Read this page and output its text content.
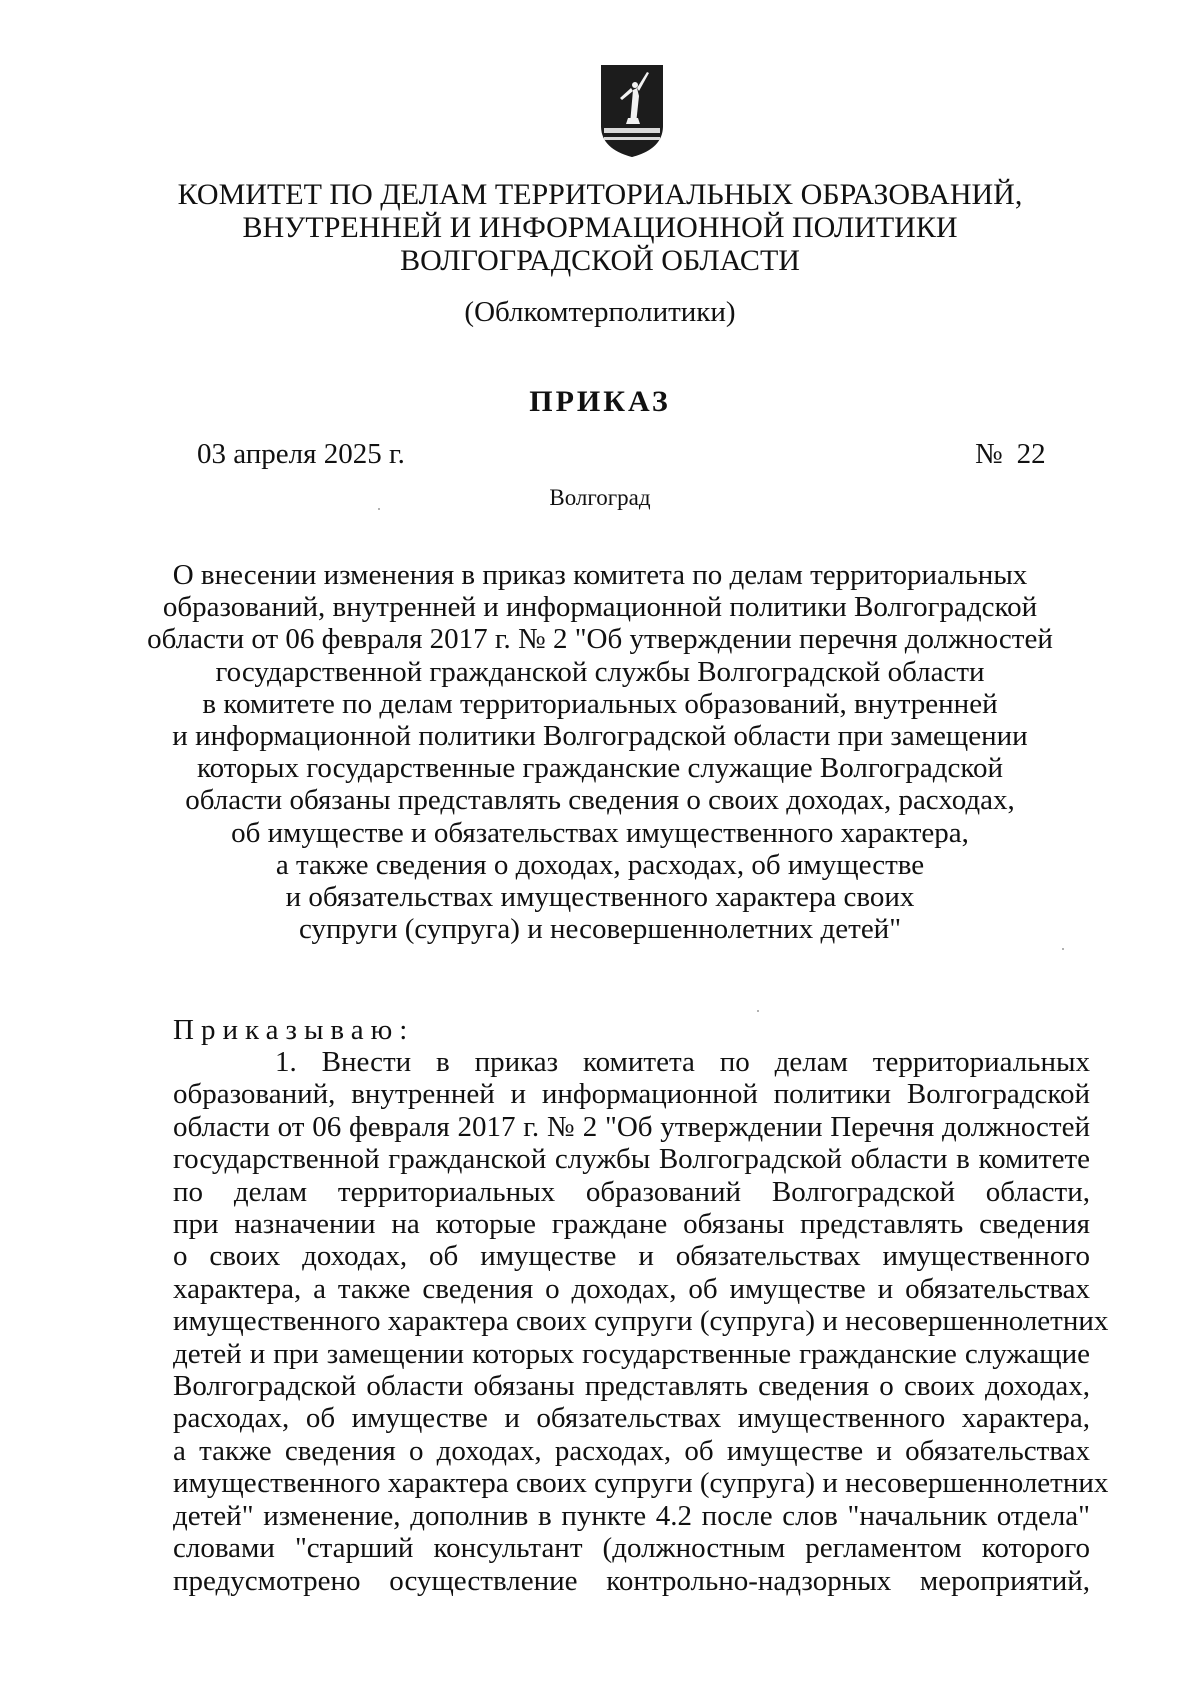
КОМИТЕТ ПО ДЕЛАМ ТЕРРИТОРИАЛЬНЫХ ОБРАЗОВАНИЙ,
ВНУТРЕННЕЙ И ИНФОРМАЦИОННОЙ ПОЛИТИКИ
ВОЛГОГРАДСКОЙ ОБЛАСТИ
(Облкомтерполитики)
ПРИКАЗ
03 апреля 2025 г.	№ 22
Волгоград
О внесении изменения в приказ комитета по делам территориальных
образований, внутренней и информационной политики Волгоградской
области от 06 февраля 2017 г. № 2 "Об утверждении перечня должностей
государственной гражданской службы Волгоградской области
в комитете по делам территориальных образований, внутренней
и информационной политики Волгоградской области при замещении
которых государственные гражданские служащие Волгоградской
области обязаны представлять сведения о своих доходах, расходах,
об имуществе и обязательствах имущественного характера,
а также сведения о доходах, расходах, об имуществе
и обязательствах имущественного характера своих
супруги (супруга) и несовершеннолетних детей"
Приказываю:
1. Внести в приказ комитета по делам территориальных
образований, внутренней и информационной политики Волгоградской
области от 06 февраля 2017 г. № 2 "Об утверждении Перечня должностей
государственной гражданской службы Волгоградской области в комитете
по делам территориальных образований Волгоградской области,
при назначении на которые граждане обязаны представлять сведения
о своих доходах, об имуществе и обязательствах имущественного
характера, а также сведения о доходах, об имуществе и обязательствах
имущественного характера своих супруги (супруга) и несовершеннолетних
детей и при замещении которых государственные гражданские служащие
Волгоградской области обязаны представлять сведения о своих доходах,
расходах, об имуществе и обязательствах имущественного характера,
а также сведения о доходах, расходах, об имуществе и обязательствах
имущественного характера своих супруги (супруга) и несовершеннолетних
детей" изменение, дополнив в пункте 4.2 после слов "начальник отдела"
словами "старший консультант (должностным регламентом которого
предусмотрено осуществление контрольно-надзорных мероприятий,
